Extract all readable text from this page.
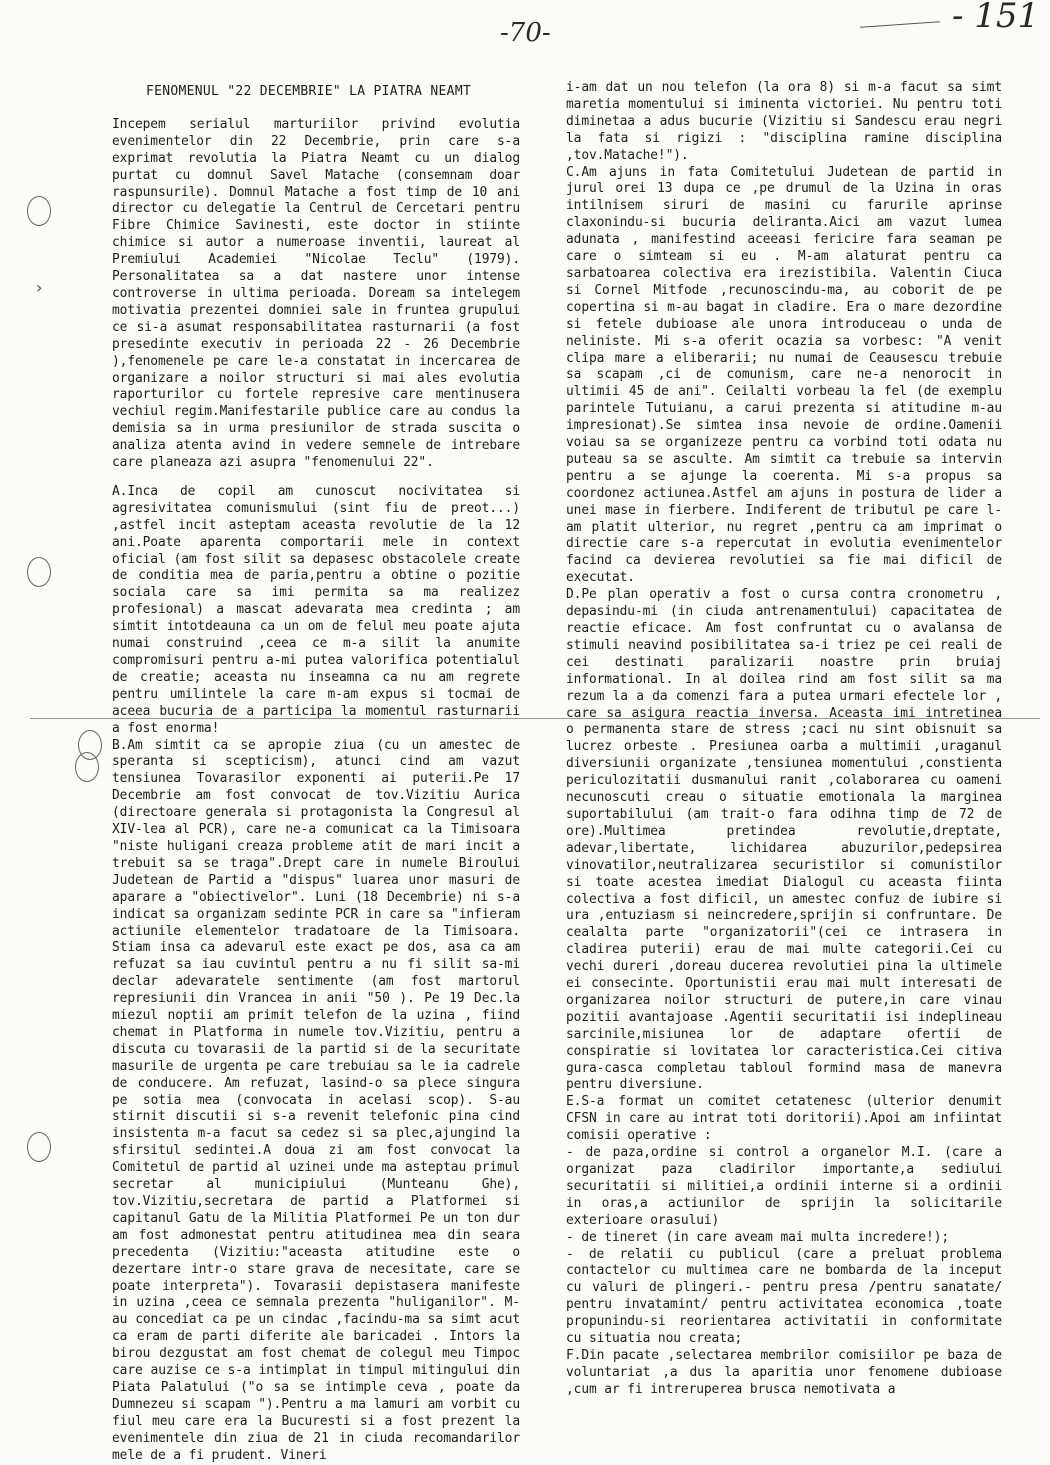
-70-	- 151
›
FENOMENUL "22 DECEMBRIE" LA PIATRA NEAMT

Incepem serialul marturiilor privind evolutia evenimentelor din 22 Decembrie, prin care s-a exprimat revolutia la Piatra Neamt cu un dialog purtat cu domnul Savel Matache (consemnam doar raspunsurile). Domnul Matache a fost timp de 10 ani director cu delegatie la Centrul de Cercetari pentru Fibre Chimice Savinesti, este doctor in stiinte chimice si autor a numeroase inventii, laureat al Premiului Academiei "Nicolae Teclu" (1979). Personalitatea sa a dat nastere unor intense controverse in ultima perioada. Doream sa intelegem motivatia prezentei domniei sale in fruntea grupului ce si-a asumat responsabilitatea rasturnarii (a fost presedinte executiv in perioada 22 - 26 Decembrie ),fenomenele pe care le-a constatat in incercarea de organizare a noilor structuri si mai ales evolutia raporturilor cu fortele represive care mentinusera vechiul regim.Manifestarile publice care au condus la demisia sa in urma presiunilor de strada suscita o analiza atenta avind in vedere semnele de intrebare care planeaza azi asupra "fenomenului 22".

A.Inca de copil am cunoscut nocivitatea si agresivitatea comunismului (sint fiu de preot...) ,astfel incit asteptam aceasta revolutie de la 12 ani.Poate aparenta comportarii mele in context oficial (am fost silit sa depasesc obstacolele create de conditia mea de paria,pentru a obtine o pozitie sociala care sa imi permita sa ma realizez profesional) a mascat adevarata mea credinta ; am simtit intotdeauna ca un om de felul meu poate ajuta numai construind ,ceea ce m-a silit la anumite compromisuri pentru a-mi putea valorifica potentialul de creatie; aceasta nu inseamna ca nu am regrete pentru umilintele la care m-am expus si tocmai de aceea bucuria de a participa la momentul rasturnarii a fost enorma!

B.Am simtit ca se apropie ziua (cu un amestec de speranta si scepticism), atunci cind am vazut tensiunea Tovarasilor exponenti ai puterii.Pe 17 Decembrie am fost convocat de tov.Vizitiu Aurica (directoare generala si protagonista la Congresul al XIV-lea al PCR), care ne-a comunicat ca la Timisoara "niste huligani creaza probleme atit de mari incit a trebuit sa se traga".Drept care in numele Biroului Judetean de Partid a "dispus" luarea unor masuri de aparare a "obiectivelor". Luni (18 Decembrie) ni s-a indicat sa organizam sedinte PCR in care sa "infieram actiunile elementelor tradatoare de la Timisoara. Stiam insa ca adevarul este exact pe dos, asa ca am refuzat sa iau cuvintul pentru a nu fi silit sa-mi declar adevaratele sentimente (am fost martorul represiunii din Vrancea in anii "50 ). Pe 19 Dec.la miezul noptii am primit telefon de la uzina , fiind chemat in Platforma in numele tov.Vizitiu, pentru a discuta cu tovarasii de la partid si de la securitate masurile de urgenta pe care trebuiau sa le ia cadrele de conducere. Am refuzat, lasind-o sa plece singura pe sotia mea (convocata in acelasi scop). S-au stirnit discutii si s-a revenit telefonic pina cind insistenta m-a facut sa cedez si sa plec,ajungind la sfirsitul sedintei.A doua zi am fost convocat la Comitetul de partid al uzinei unde ma asteptau primul secretar al municipiului (Munteanu Ghe), tov.Vizitiu,secretara de partid a Platformei si capitanul Gatu de la Militia Platformei Pe un ton dur am fost admonestat pentru atitudinea mea din seara precedenta (Vizitiu:"aceasta atitudine este o dezertare intr-o stare grava de necesitate, care se poate interpreta"). Tovarasii depistasera manifeste in uzina ,ceea ce semnala prezenta "huliganilor". M-au concediat ca pe un cindac ,facindu-ma sa simt acut ca eram de parti diferite ale baricadei . Intors la birou dezgustat am fost chemat de colegul meu Timpoc care auzise ce s-a intimplat in timpul mitingului din Piata Palatului ("o sa se intimple ceva , poate da Dumnezeu si scapam ").Pentru a ma lamuri am vorbit cu fiul meu care era la Bucuresti si a fost prezent la evenimentele din ziua de 21 in ciuda recomandarilor mele de a fi prudent. Vineri

i-am dat un nou telefon (la ora 8) si m-a facut sa simt maretia momentului si iminenta victoriei. Nu pentru toti diminetaa a adus bucurie (Vizitiu si Sandescu erau negri la fata si rigizi : "disciplina ramine disciplina ,tov.Matache!").

C.Am ajuns in fata Comitetului Judetean de partid in jurul orei 13 dupa ce ,pe drumul de la Uzina in oras intilnisem siruri de masini cu farurile aprinse claxonindu-si bucuria delirantа.Aici am vazut lumea adunata , manifestind aceeasi fericire fara seaman pe care o simteam si eu . M-am alaturat pentru ca sarbatoarea colectiva era irezistibila. Valentin Ciuca si Cornel Mitfode ,recunoscindu-ma, au coborit de pe copertina si m-au bagat in cladire. Era o mare dezordine si fetele dubioase ale unora introduceau o unda de neliniste. Mi s-a oferit ocazia sa vorbesc: "A venit clipa mare a eliberarii; nu numai de Ceausescu trebuie sa scapam ,ci de comunism, care ne-a nenorocit in ultimii 45 de ani". Ceilalti vorbeau la fel (de exemplu parintele Tutuianu, a carui prezenta si atitudine m-au impresionat).Se simtea insa nevoie de ordine.Oamenii voiau sa se organizeze pentru ca vorbind toti odata nu puteau sa se asculte. Am simtit ca trebuie sa intervin pentru a se ajunge la coerenta. Mi s-a propus sa coordonez actiunea.Astfel am ajuns in postura de lider a unei mase in fierbere. Indiferent de tributul pe care l-am platit ulterior, nu regret ,pentru ca am imprimat o directie care s-a repercutat in evolutia evenimentelor facind ca devierea revolutiei sa fie mai dificil de executat.

D.Pe plan operativ a fost o cursa contra cronometru , depasindu-mi (in ciuda antrenamentului) capacitatea de reactie eficace. Am fost confruntat cu o avalansa de stimuli neavind posibilitatea sa-i triez pe cei reali de cei destinati paralizarii noastre prin bruiaj informational. In al doilea rind am fost silit sa ma rezum la a da comenzi fara a putea urmari efectele lor , care sa asigura reactia inversa. Aceasta imi intretinea o permanenta stare de stress ;caci nu sint obisnuit sa lucrez orbeste . Presiunea oarba a multimii ,uraganul diversiunii organizate ,tensiunea momentului ,constienta periculozitatii dusmanului ranit ,colaborarea cu oameni necunoscuti creau o situatie emotionala la marginea suportabilului (am trait-o fara odihna timp de 72 de ore).Multimea pretindea revolutie,dreptate, adevar,libertate, lichidarea abuzurilor,pedepsirea vinovatilor,neutralizarea securistilor si comunistilor si toate acestea imediat Dialogul cu aceasta fiinta colectiva a fost dificil, un amestec confuz de iubire si ura ,entuziasm si neincredere,sprijin si confruntare. De cealalta parte "organizatorii"(cei ce intrasera in cladirea puterii) erau de mai multe categorii.Cei cu vechi dureri ,doreau ducerea revolutiei pina la ultimele ei consecinte. Oportunistii erau mai mult interesati de organizarea noilor structuri de putere,in care vinau pozitii avantajoase .Agentii securitatii isi indeplineau sarcinile,misiunea lor de adaptare ofertii de conspiratie si lovitatea lor caracteristica.Cei citiva gura-casca completau tabloul formind masa de manevra pentru diversiune.

E.S-a format un comitet cetatenesc (ulterior denumit CFSN in care au intrat toti doritorii).Apoi am infiintat comisii operative :

- de paza,ordine si control a organelor M.I. (care a organizat paza cladirilor importante,a sediului securitatii si militiei,a ordinii interne si a ordinii in oras,a actiunilor de sprijin la solicitarile exterioare orasului)

- de tineret (in care aveam mai multa incredere!);

- de relatii cu publicul (care a preluat problema contactelor cu multimea care ne bombarda de la inceput cu valuri de plingeri.- pentru presa /pentru sanatate/ pentru invatamint/ pentru activitatea economica ,toate propunindu-si reorientarea activitatii in conformitate cu situatia nou creata;

F.Din pacate ,selectarea membrilor comisiilor pe baza de voluntariat ,a dus la aparitia unor fenomene dubioase ,cum ar fi intreruperea brusca nemotivata a
